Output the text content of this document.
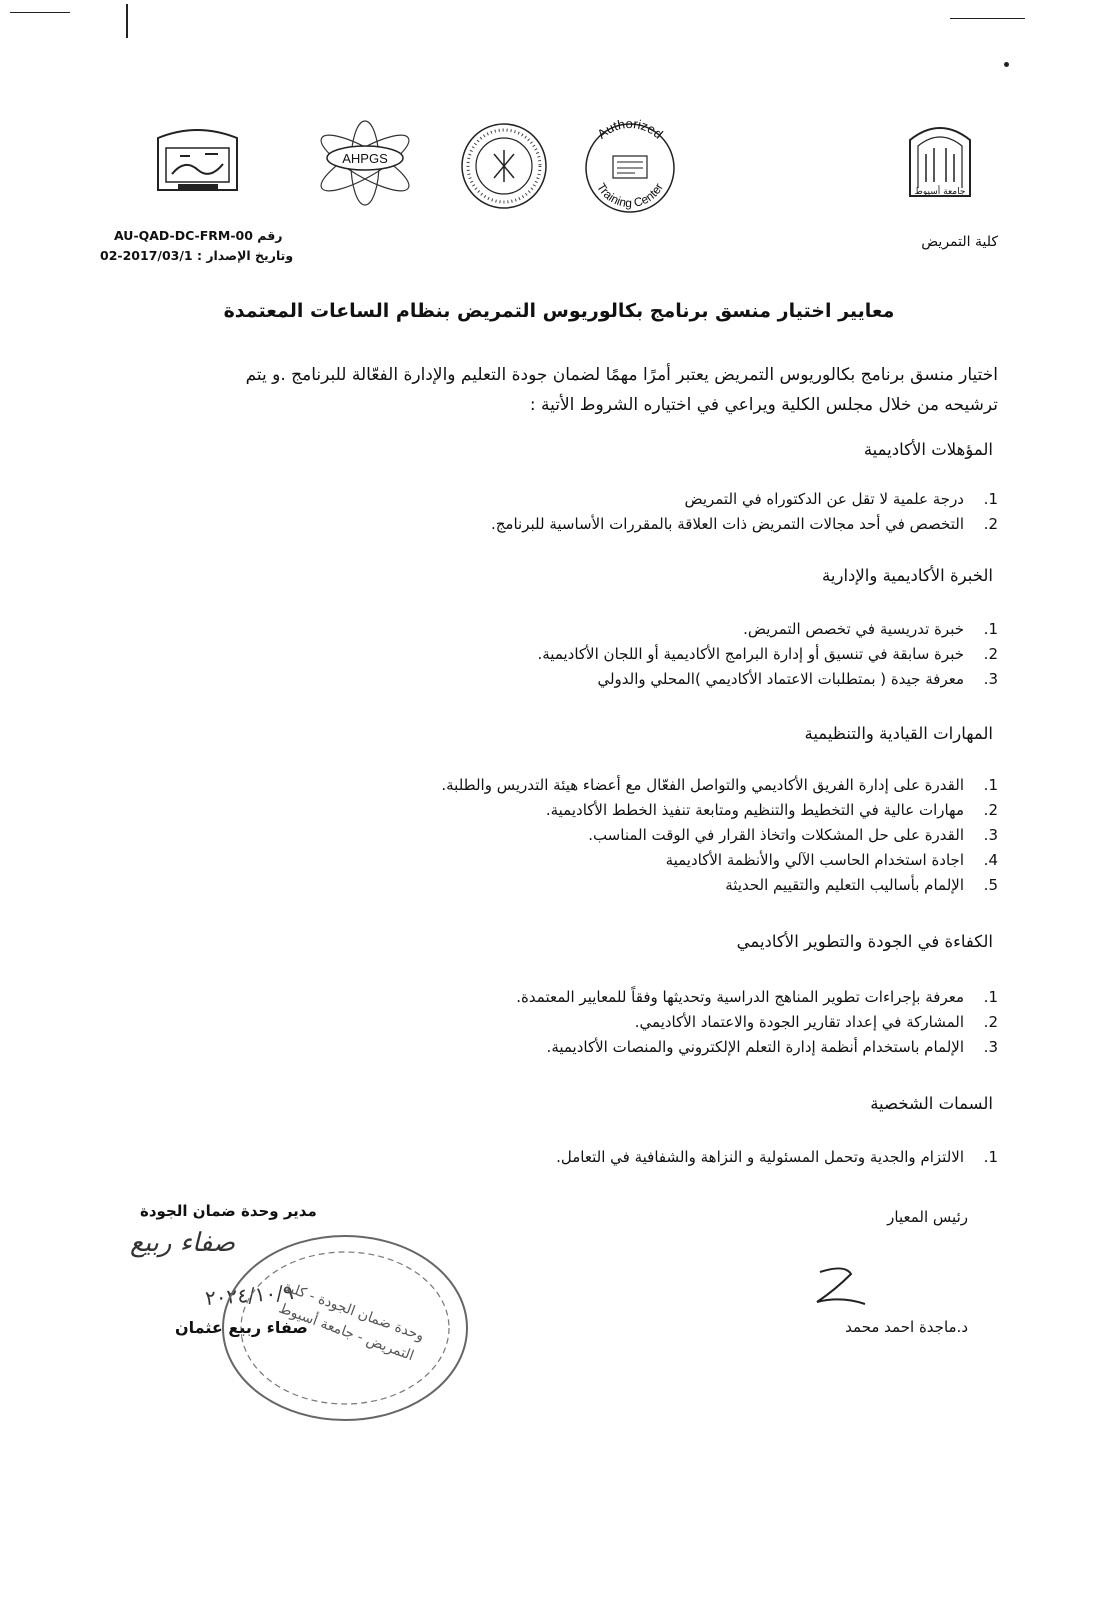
AHPGS
Authorized
Training Center
جامعة أسيوط
AU-QAD-DC-FRM-00 رقم
وتاريخ الإصدار : 2017/03/1-02
كلية التمريض
معايير اختيار منسق برنامج بكالوريوس التمريض بنظام الساعات المعتمدة
اختيار منسق برنامج بكالوريوس التمريض يعتبر أمرًا مهمًا لضمان جودة التعليم والإدارة الفعّالة للبرنامج .و يتم
ترشيحه من خلال مجلس الكلية ويراعي في اختياره الشروط الأتية :
المؤهلات الأكاديمية
1.درجة علمية لا تقل عن الدكتوراه في التمريض
2.التخصص في أحد مجالات التمريض ذات العلاقة بالمقررات الأساسية للبرنامج.
الخبرة الأكاديمية والإدارية
1.خبرة تدريسية في تخصص التمريض.
2.خبرة سابقة في تنسيق أو إدارة البرامج الأكاديمية أو اللجان الأكاديمية.
3.معرفة جيدة ( بمتطلبات الاعتماد الأكاديمي )المحلي والدولي
المهارات القيادية والتنظيمية
1.القدرة على إدارة الفريق الأكاديمي والتواصل الفعّال مع أعضاء هيئة التدريس والطلبة.
2.مهارات عالية في التخطيط والتنظيم ومتابعة تنفيذ الخطط الأكاديمية.
3.القدرة على حل المشكلات واتخاذ القرار في الوقت المناسب.
4.اجادة استخدام الحاسب الآلي والأنظمة الأكاديمية
5.الإلمام بأساليب التعليم والتقييم الحديثة
الكفاءة في الجودة والتطوير الأكاديمي
1.معرفة بإجراءات تطوير المناهج الدراسية وتحديثها وفقاً للمعايير المعتمدة.
2.المشاركة في إعداد تقارير الجودة والاعتماد الأكاديمي.
3.الإلمام باستخدام أنظمة إدارة التعلم الإلكتروني والمنصات الأكاديمية.
السمات الشخصية
1.الالتزام والجدية وتحمل المسئولية و النزاهة والشفافية في التعامل.
مدير وحدة ضمان الجودة	رئيس المعيار
صفاء ربيع
٢٠٢٤/١٠/٩
وحدة ضمان الجودة - كلية التمريض - جامعة أسيوط
صفاء ربيع عثمان	د.ماجدة احمد محمد
